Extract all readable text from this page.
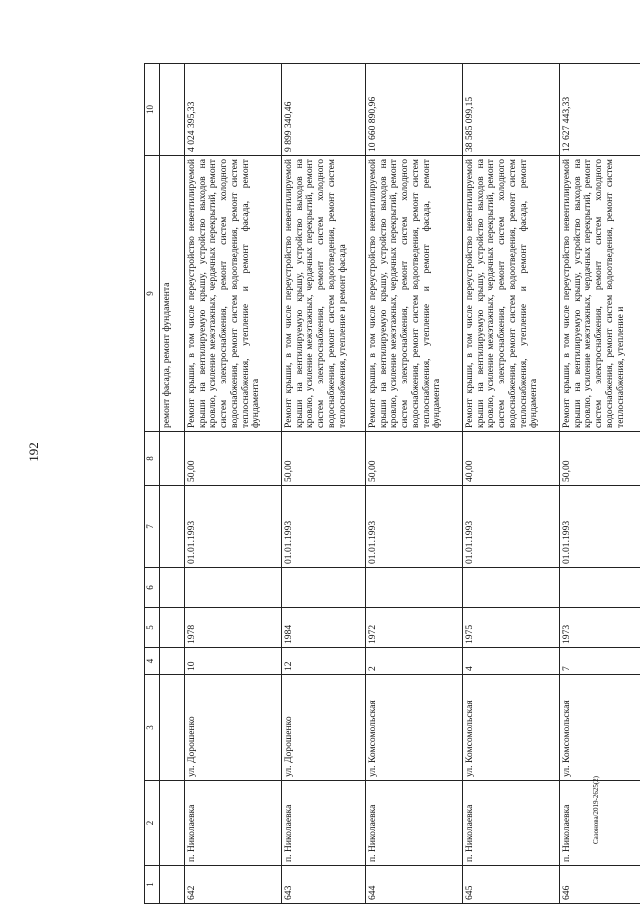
192
1	2	3	4	5	6	7	8	9	10
								ремонт фасада, ремонт фундамента	
642	п. Николаевка	ул. Дорошенко	10	1978		01.01.1993	50,00	Ремонт крыши, в том числе переустройство невентилируемой крыши на вентилируемую крышу, устройство выходов на кровлю, усиление межэтажных, чердачных перекрытий, ремонт систем электроснабжения, ремонт систем холодного водоснабжения, ремонт систем водоотведения, ремонт систем теплоснабжения, утепление и ремонт фасада, ремонт фундамента	4 024 395,33
643	п. Николаевка	ул. Дорошенко	12	1984		01.01.1993	50,00	Ремонт крыши, в том числе переустройство невентилируемой крыши на вентилируемую крышу, устройство выходов на кровлю, усиление межэтажных, чердачных перекрытий, ремонт систем электроснабжения, ремонт систем холодного водоснабжения, ремонт систем водоотведения, ремонт систем теплоснабжения, утепление и ремонт фасада	9 899 340,46
644	п. Николаевка	ул. Комсомольская	2	1972		01.01.1993	50,00	Ремонт крыши, в том числе переустройство невентилируемой крыши на вентилируемую крышу, устройство выходов на кровлю, усиление межэтажных, чердачных перекрытий, ремонт систем электроснабжения, ремонт систем холодного водоснабжения, ремонт систем водоотведения, ремонт систем теплоснабжения, утепление и ремонт фасада, ремонт фундамента	10 660 890,96
645	п. Николаевка	ул. Комсомольская	4	1975		01.01.1993	40,00	Ремонт крыши, в том числе переустройство невентилируемой крыши на вентилируемую крышу, устройство выходов на кровлю, усиление межэтажных, чердачных перекрытий, ремонт систем электроснабжения, ремонт систем холодного водоснабжения, ремонт систем водоотведения, ремонт систем теплоснабжения, утепление и ремонт фасада, ремонт фундамента	38 585 099,15
646	п. Николаевка	ул. Комсомольская	7	1973		01.01.1993	50,00	Ремонт крыши, в том числе переустройство невентилируемой крыши на вентилируемую крышу, устройство выходов на кровлю, усиление межэтажных, чердачных перекрытий, ремонт систем электроснабжения, ремонт систем холодного водоснабжения, ремонт систем водоотведения, ремонт систем теплоснабжения, утепление и	12 627 443,33
Сазонова/2019-2625(2)
